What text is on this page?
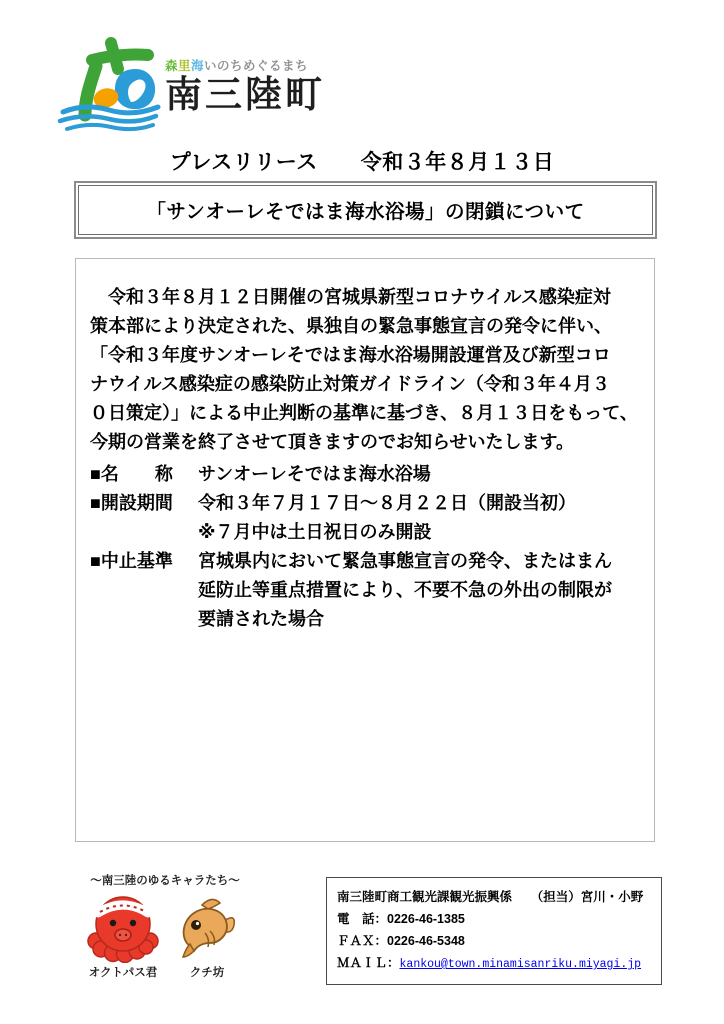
森里海いのちめぐるまち
南三陸町
プレスリリース　　令和３年８月１３日
「サンオーレそではま海水浴場」の閉鎖について
　令和３年８月１２日開催の宮城県新型コロナウイルス感染症対
策本部により決定された、県独自の緊急事態宣言の発令に伴い、
「令和３年度サンオーレそではま海水浴場開設運営及び新型コロ
ナウイルス感染症の感染防止対策ガイドライン（令和３年４月３
０日策定）」による中止判断の基準に基づき、８月１３日をもって、
今期の営業を終了させて頂きますのでお知らせいたします。
■名　　称	サンオーレそではま海水浴場
■開設期間	令和３年７月１７日～８月２２日（開設当初）
※７月中は土日祝日のみ開設
■中止基準	宮城県内において緊急事態宣言の発令、またはまん
延防止等重点措置により、不要不急の外出の制限が
要請された場合
～南三陸のゆるキャラたち～
オクトパス君	クチ坊
南三陸町商工観光課観光振興係　　（担当）宮川・小野
電　話：0226-46-1385
ＦＡＸ：0226-46-5348
ＭＡＩＬ：kankou@town.minamisanriku.miyagi.jp
